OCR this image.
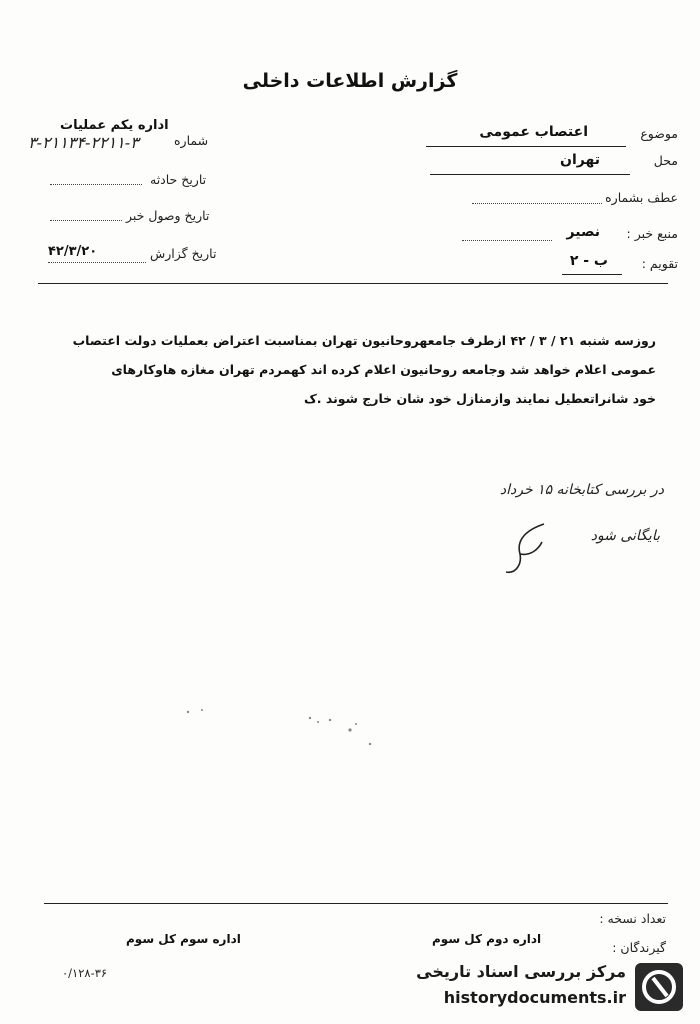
گزارش اطلاعات داخلی
موضوع
اعتصاب عمومی
محل
تهران
عطف بشماره
منبع خبر :
نصیر
تقویم :
ب - ۲
اداره یکم عملیات
شماره
۳-۲۱۱۳۴-۲۲۱۱-۳
تاریخ حادثه
تاریخ وصول خبر
تاریخ گزارش
۴۲/۳/۲۰
روزسه شنبه ۲۱ / ۳ / ۴۲ ازطرف جامعهروحانیون تهران بمناسبت اعتراض بعملیات دولت اعتصاب
عمومی اعلام خواهد شد وجامعه روحانیون اعلام کرده اند کهمردم تهران مغازه هاوکارهای
خود شانراتعطیل نمایند وازمنازل خود شان خارج شوند .ک
در بررسی کتابخانه ۱۵ خرداد
بایگانی شود
تعداد نسخه :
گیرندگان :
اداره دوم کل سوم
اداره سوم کل سوم
۰/۱۲۸-۳۶	مرکز بررسی اسناد تاریخی
historydocuments.ir
